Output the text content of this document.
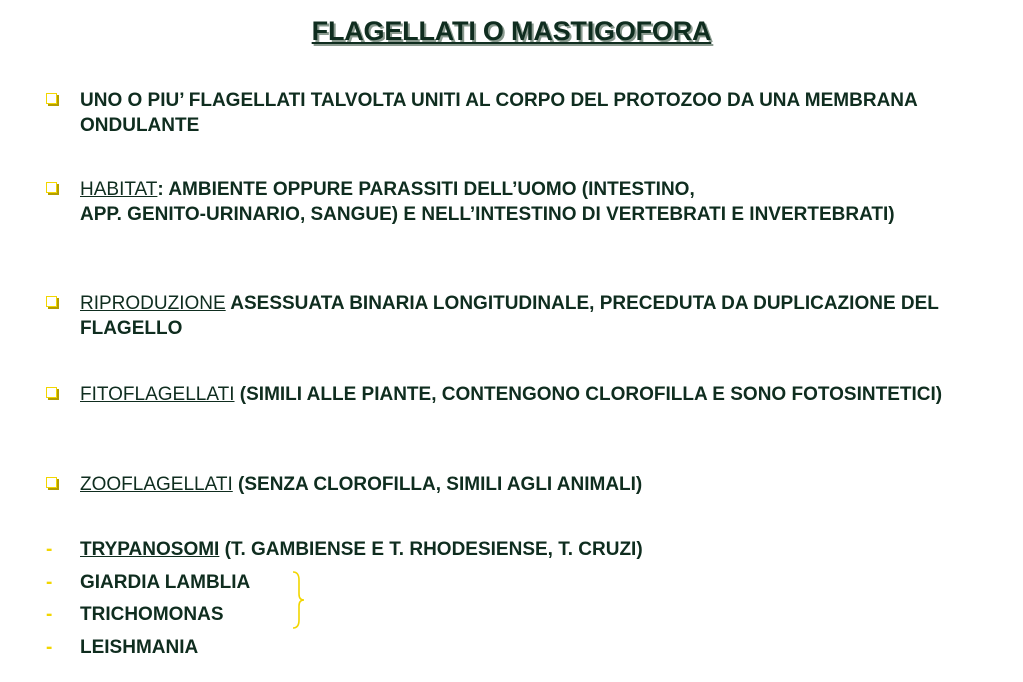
FLAGELLATI O MASTIGOFORA
UNO O PIU’ FLAGELLATI TALVOLTA UNITI AL CORPO DEL PROTOZOO DA UNA MEMBRANA ONDULANTE
HABITAT: AMBIENTE OPPURE PARASSITI DELL’UOMO (INTESTINO,
APP. GENITO-URINARIO, SANGUE) E NELL’INTESTINO DI VERTEBRATI E INVERTEBRATI)
RIPRODUZIONE ASESSUATA BINARIA LONGITUDINALE, PRECEDUTA DA DUPLICAZIONE DEL FLAGELLO
FITOFLAGELLATI (SIMILI ALLE PIANTE, CONTENGONO CLOROFILLA E SONO FOTOSINTETICI)
ZOOFLAGELLATI (SENZA CLOROFILLA, SIMILI AGLI ANIMALI)
- TRYPANOSOMI (T. GAMBIENSE E T. RHODESIENSE, T. CRUZI)
- GIARDIA LAMBLIA
- TRICHOMONAS
- LEISHMANIA
